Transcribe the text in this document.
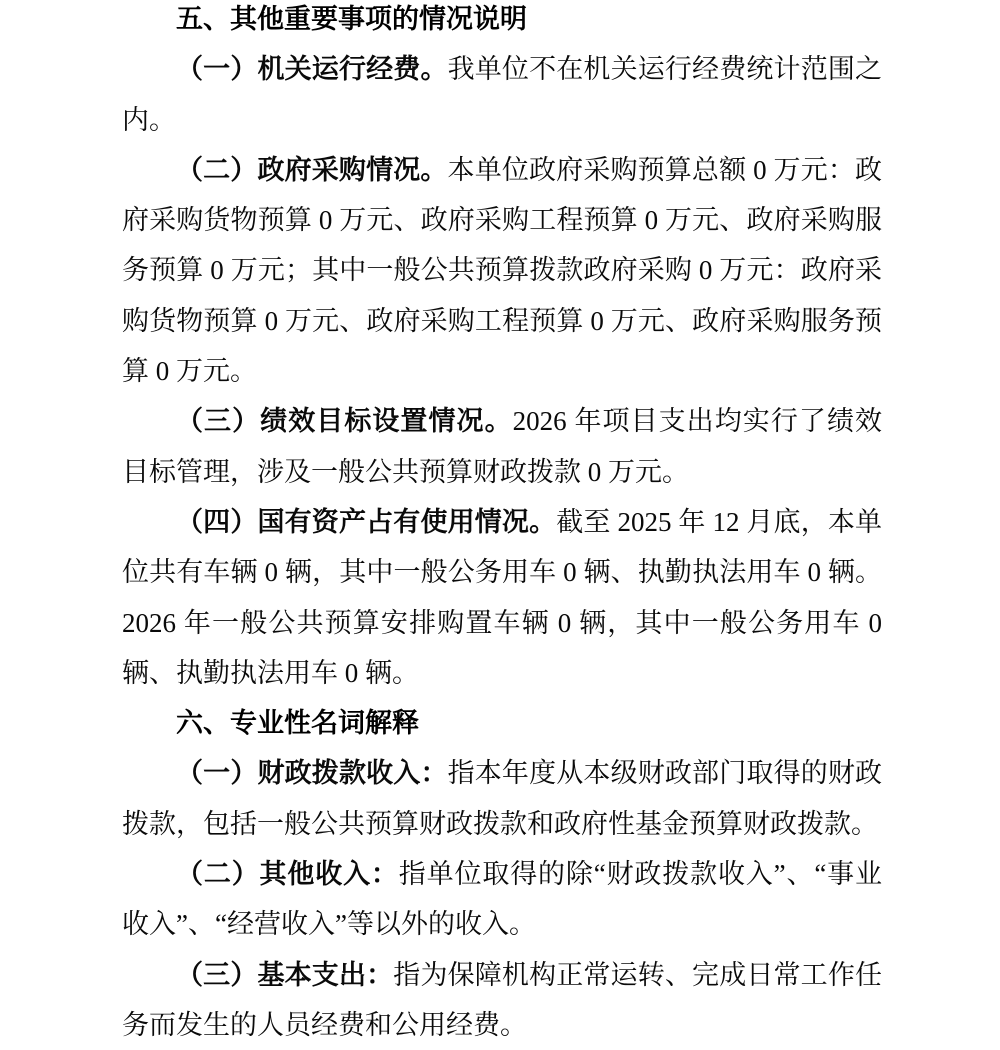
五、其他重要事项的情况说明

（一）机关运行经费。我单位不在机关运行经费统计范围之内。

（二）政府采购情况。本单位政府采购预算总额 0 万元：政府采购货物预算 0 万元、政府采购工程预算 0 万元、政府采购服务预算 0 万元；其中一般公共预算拨款政府采购 0 万元：政府采购货物预算 0 万元、政府采购工程预算 0 万元、政府采购服务预算 0 万元。

（三）绩效目标设置情况。2026 年项目支出均实行了绩效目标管理，涉及一般公共预算财政拨款 0 万元。

（四）国有资产占有使用情况。截至 2025 年 12 月底，本单位共有车辆 0 辆，其中一般公务用车 0 辆、执勤执法用车 0 辆。2026 年一般公共预算安排购置车辆 0 辆，其中一般公务用车 0 辆、执勤执法用车 0 辆。

六、专业性名词解释

（一）财政拨款收入：指本年度从本级财政部门取得的财政拨款，包括一般公共预算财政拨款和政府性基金预算财政拨款。

（二）其他收入：指单位取得的除“财政拨款收入”、“事业收入”、“经营收入”等以外的收入。

（三）基本支出：指为保障机构正常运转、完成日常工作任务而发生的人员经费和公用经费。
